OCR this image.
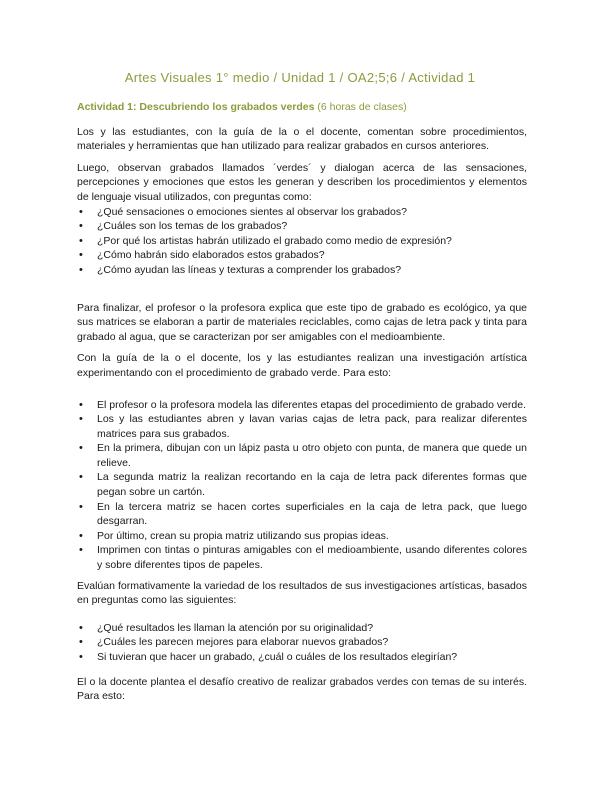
Artes Visuales 1° medio / Unidad 1 / OA2;5;6 / Actividad 1
Actividad 1: Descubriendo los grabados verdes (6 horas de clases)

Los y las estudiantes, con la guía de la o el docente, comentan sobre procedimientos, materiales y herramientas que han utilizado para realizar grabados en cursos anteriores.

Luego, observan grabados llamados ´verdes´ y dialogan acerca de las sensaciones, percepciones y emociones que estos les generan y describen los procedimientos y elementos de lenguaje visual utilizados, con preguntas como:

• ¿Qué sensaciones o emociones sientes al observar los grabados?
• ¿Cuáles son los temas de los grabados?
• ¿Por qué los artistas habrán utilizado el grabado como medio de expresión?
• ¿Cómo habrán sido elaborados estos grabados?
• ¿Cómo ayudan las líneas y texturas a comprender los grabados?

Para finalizar, el profesor o la profesora explica que este tipo de grabado es ecológico, ya que sus matrices se elaboran a partir de materiales reciclables, como cajas de letra pack y tinta para grabado al agua, que se caracterizan por ser amigables con el medioambiente.

Con la guía de la o el docente, los y las estudiantes realizan una investigación artística experimentando con el procedimiento de grabado verde. Para esto:

• El profesor o la profesora modela las diferentes etapas del procedimiento de grabado verde.
• Los y las estudiantes abren y lavan varias cajas de letra pack, para realizar diferentes matrices para sus grabados.
• En la primera, dibujan con un lápiz pasta u otro objeto con punta, de manera que quede un relieve.
• La segunda matriz la realizan recortando en la caja de letra pack diferentes formas que pegan sobre un cartón.
• En la tercera matriz se hacen cortes superficiales en la caja de letra pack, que luego desgarran.
• Por último, crean su propia matriz utilizando sus propias ideas.
• Imprimen con tintas o pinturas amigables con el medioambiente, usando diferentes colores y sobre diferentes tipos de papeles.

Evalúan formativamente la variedad de los resultados de sus investigaciones artísticas, basados en preguntas como las siguientes:

• ¿Qué resultados les llaman la atención por su originalidad?
• ¿Cuáles les parecen mejores para elaborar nuevos grabados?
• Si tuvieran que hacer un grabado, ¿cuál o cuáles de los resultados elegirían?

El o la docente plantea el desafío creativo de realizar grabados verdes con temas de su interés. Para esto:
